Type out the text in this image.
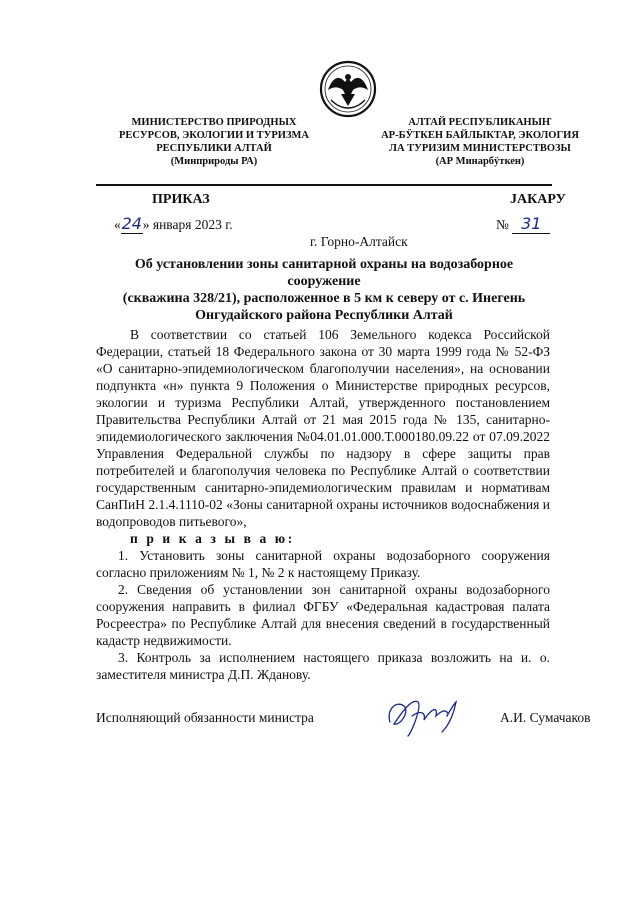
МИНИСТЕРСТВО ПРИРОДНЫХ
РЕСУРСОВ, ЭКОЛОГИИ И ТУРИЗМА
РЕСПУБЛИКИ АЛТАЙ
(Минприроды РА)
АЛТАЙ РЕСПУБЛИКАНЫҤ
АР-БӰТКЕН БАЙЛЫКТАР, ЭКОЛОГИЯ
ЛА ТУРИЗИМ МИНИСТЕРСТВОЗЫ
(АР Минарбӱткен)
ПРИКАЗ	ЈАКАРУ
«24» января 2023 г.	№ 31
г. Горно-Алтайск
Об установлении зоны санитарной охраны на водозаборное сооружение
(скважина 328/21), расположенное в 5 км к северу от с. Инегень
Онгудайского района Республики Алтай

В соответствии со статьей 106 Земельного кодекса Российской Федерации, статьей 18 Федерального закона от 30 марта 1999 года № 52-ФЗ «О санитарно-эпидемиологическом благополучии населения», на основании подпункта «н» пункта 9 Положения о Министерстве природных ресурсов, экологии и туризма Республики Алтай, утвержденного постановлением Правительства Республики Алтай от 21 мая 2015 года № 135, санитарно-эпидемиологического заключения №04.01.01.000.Т.000180.09.22 от 07.09.2022 Управления Федеральной службы по надзору в сфере защиты прав потребителей и благополучия человека по Республике Алтай о соответствии государственным санитарно-эпидемиологическим правилам и нормативам СанПиН 2.1.4.1110-02 «Зоны санитарной охраны источников водоснабжения и водопроводов питьевого»,

п р и к а з ы в а ю:

1. Установить зоны санитарной охраны водозаборного сооружения согласно приложениям № 1, № 2 к настоящему Приказу.

2. Сведения об установлении зон санитарной охраны водозаборного сооружения направить в филиал ФГБУ «Федеральная кадастровая палата Росреестра» по Республике Алтай для внесения сведений в государственный кадастр недвижимости.

3. Контроль за исполнением настоящего приказа возложить на и. о. заместителя министра Д.П. Жданову.

Исполняющий обязанности министра	А.И. Сумачаков
